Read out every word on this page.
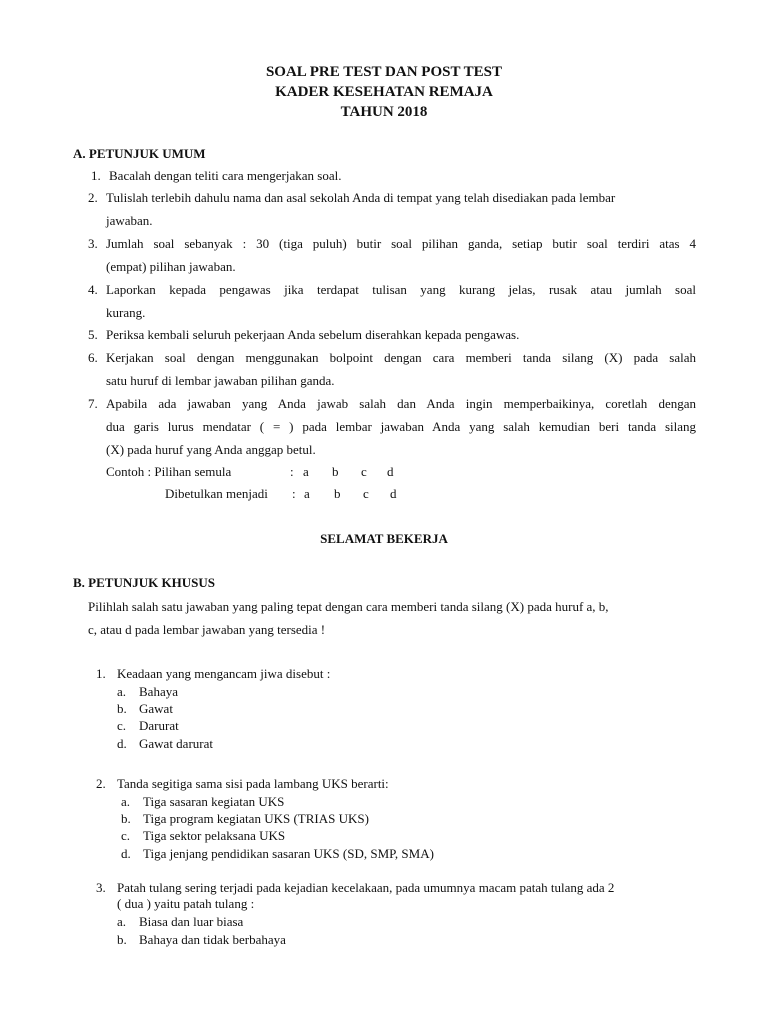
SOAL PRE TEST DAN POST TEST
KADER KESEHATAN REMAJA
TAHUN 2018
A. PETUNJUK UMUM
1. Bacalah dengan teliti cara mengerjakan soal.
2. Tulislah terlebih dahulu nama dan asal sekolah Anda di tempat yang telah disediakan pada lembar
jawaban.
3. Jumlah soal sebanyak : 30 (tiga puluh) butir soal pilihan ganda, setiap butir soal terdiri atas 4
(empat) pilihan jawaban.
4. Laporkan kepada pengawas jika terdapat tulisan yang kurang jelas, rusak atau jumlah soal
kurang.
5. Periksa kembali seluruh pekerjaan Anda sebelum diserahkan kepada pengawas.
6. Kerjakan soal dengan menggunakan bolpoint dengan cara memberi tanda silang (X) pada salah
satu huruf di lembar jawaban pilihan ganda.
7. Apabila ada jawaban yang Anda jawab salah dan Anda ingin memperbaikinya, coretlah dengan
dua garis lurus mendatar ( = ) pada lembar jawaban Anda yang salah kemudian beri tanda silang
(X) pada huruf yang Anda anggap betul.
Contoh : Pilihan semula	: a b c d
Dibetulkan menjadi : a b c d
SELAMAT BEKERJA
B. PETUNJUK KHUSUS
Pilihlah salah satu jawaban yang paling tepat dengan cara memberi tanda silang (X) pada huruf a, b,
c, atau d pada lembar jawaban yang tersedia !
1. Keadaan yang mengancam jiwa disebut :
a. Bahaya
b. Gawat
c. Darurat
d. Gawat darurat
2. Tanda segitiga sama sisi pada lambang UKS berarti:
a. Tiga sasaran kegiatan UKS
b. Tiga program kegiatan UKS (TRIAS UKS)
c. Tiga sektor pelaksana UKS
d. Tiga jenjang pendidikan sasaran UKS (SD, SMP, SMA)
3. Patah tulang sering terjadi pada kejadian kecelakaan, pada umumnya macam patah tulang ada 2
( dua ) yaitu patah tulang :
a. Biasa dan luar biasa
b. Bahaya dan tidak berbahaya
